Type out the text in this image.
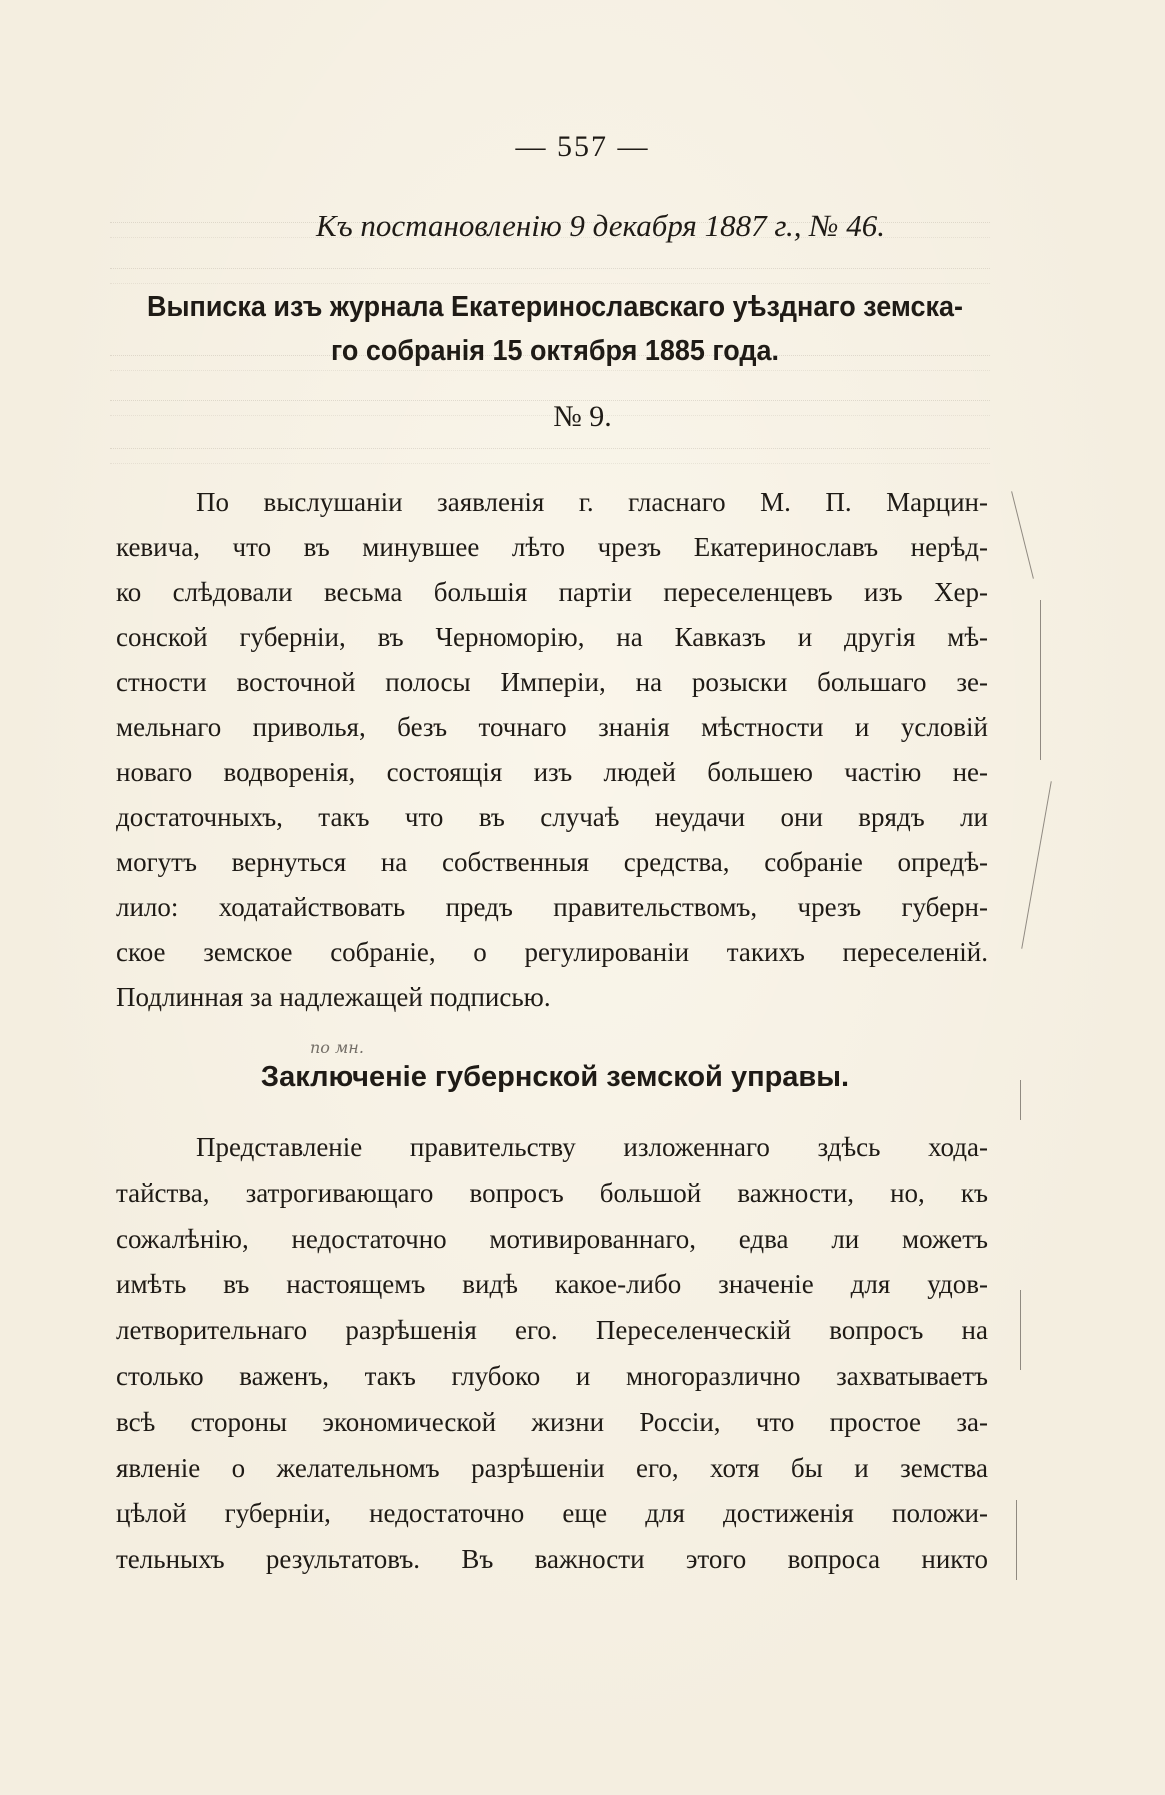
— 557 —
Къ постановленію 9 декабря 1887 г., № 46.
Выписка изъ журнала Екатеринославскаго уѣзднаго земска-
го собранія 15 октября 1885 года.
№ 9.
По выслушаніи заявленія г. гласнаго М. П. Марцин-
кевича, что въ минувшее лѣто чрезъ Екатеринославъ нерѣд-
ко слѣдовали весьма большія партіи переселенцевъ изъ Хер-
сонской губерніи, въ Черноморію, на Кавказъ и другія мѣ-
стности восточной полосы Имперіи, на розыски большаго зе-
мельнаго приволья, безъ точнаго знанія мѣстности и условій
новаго водворенія, состоящія изъ людей большею частію не-
достаточныхъ, такъ что въ случаѣ неудачи они врядъ ли
могутъ вернуться на собственныя средства, собраніе опредѣ-
лило: ходатайствовать предъ правительствомъ, чрезъ губерн-
ское земское собраніе, о регулированіи такихъ переселеній.
Подлинная за надлежащей подписью.
по мн.
Заключеніе губернской земской управы.
Представленіе правительству изложеннаго здѣсь хода-
тайства, затрогивающаго вопросъ большой важности, но, къ
сожалѣнію, недостаточно мотивированнаго, едва ли можетъ
имѣть въ настоящемъ видѣ какое-либо значеніе для удов-
летворительнаго разрѣшенія его. Переселенческій вопросъ на
столько важенъ, такъ глубоко и многоразлично захватываетъ
всѣ стороны экономической жизни Россіи, что простое за-
явленіе о желательномъ разрѣшеніи его, хотя бы и земства
цѣлой губерніи, недостаточно еще для достиженія положи-
тельныхъ результатовъ. Въ важности этого вопроса никто
